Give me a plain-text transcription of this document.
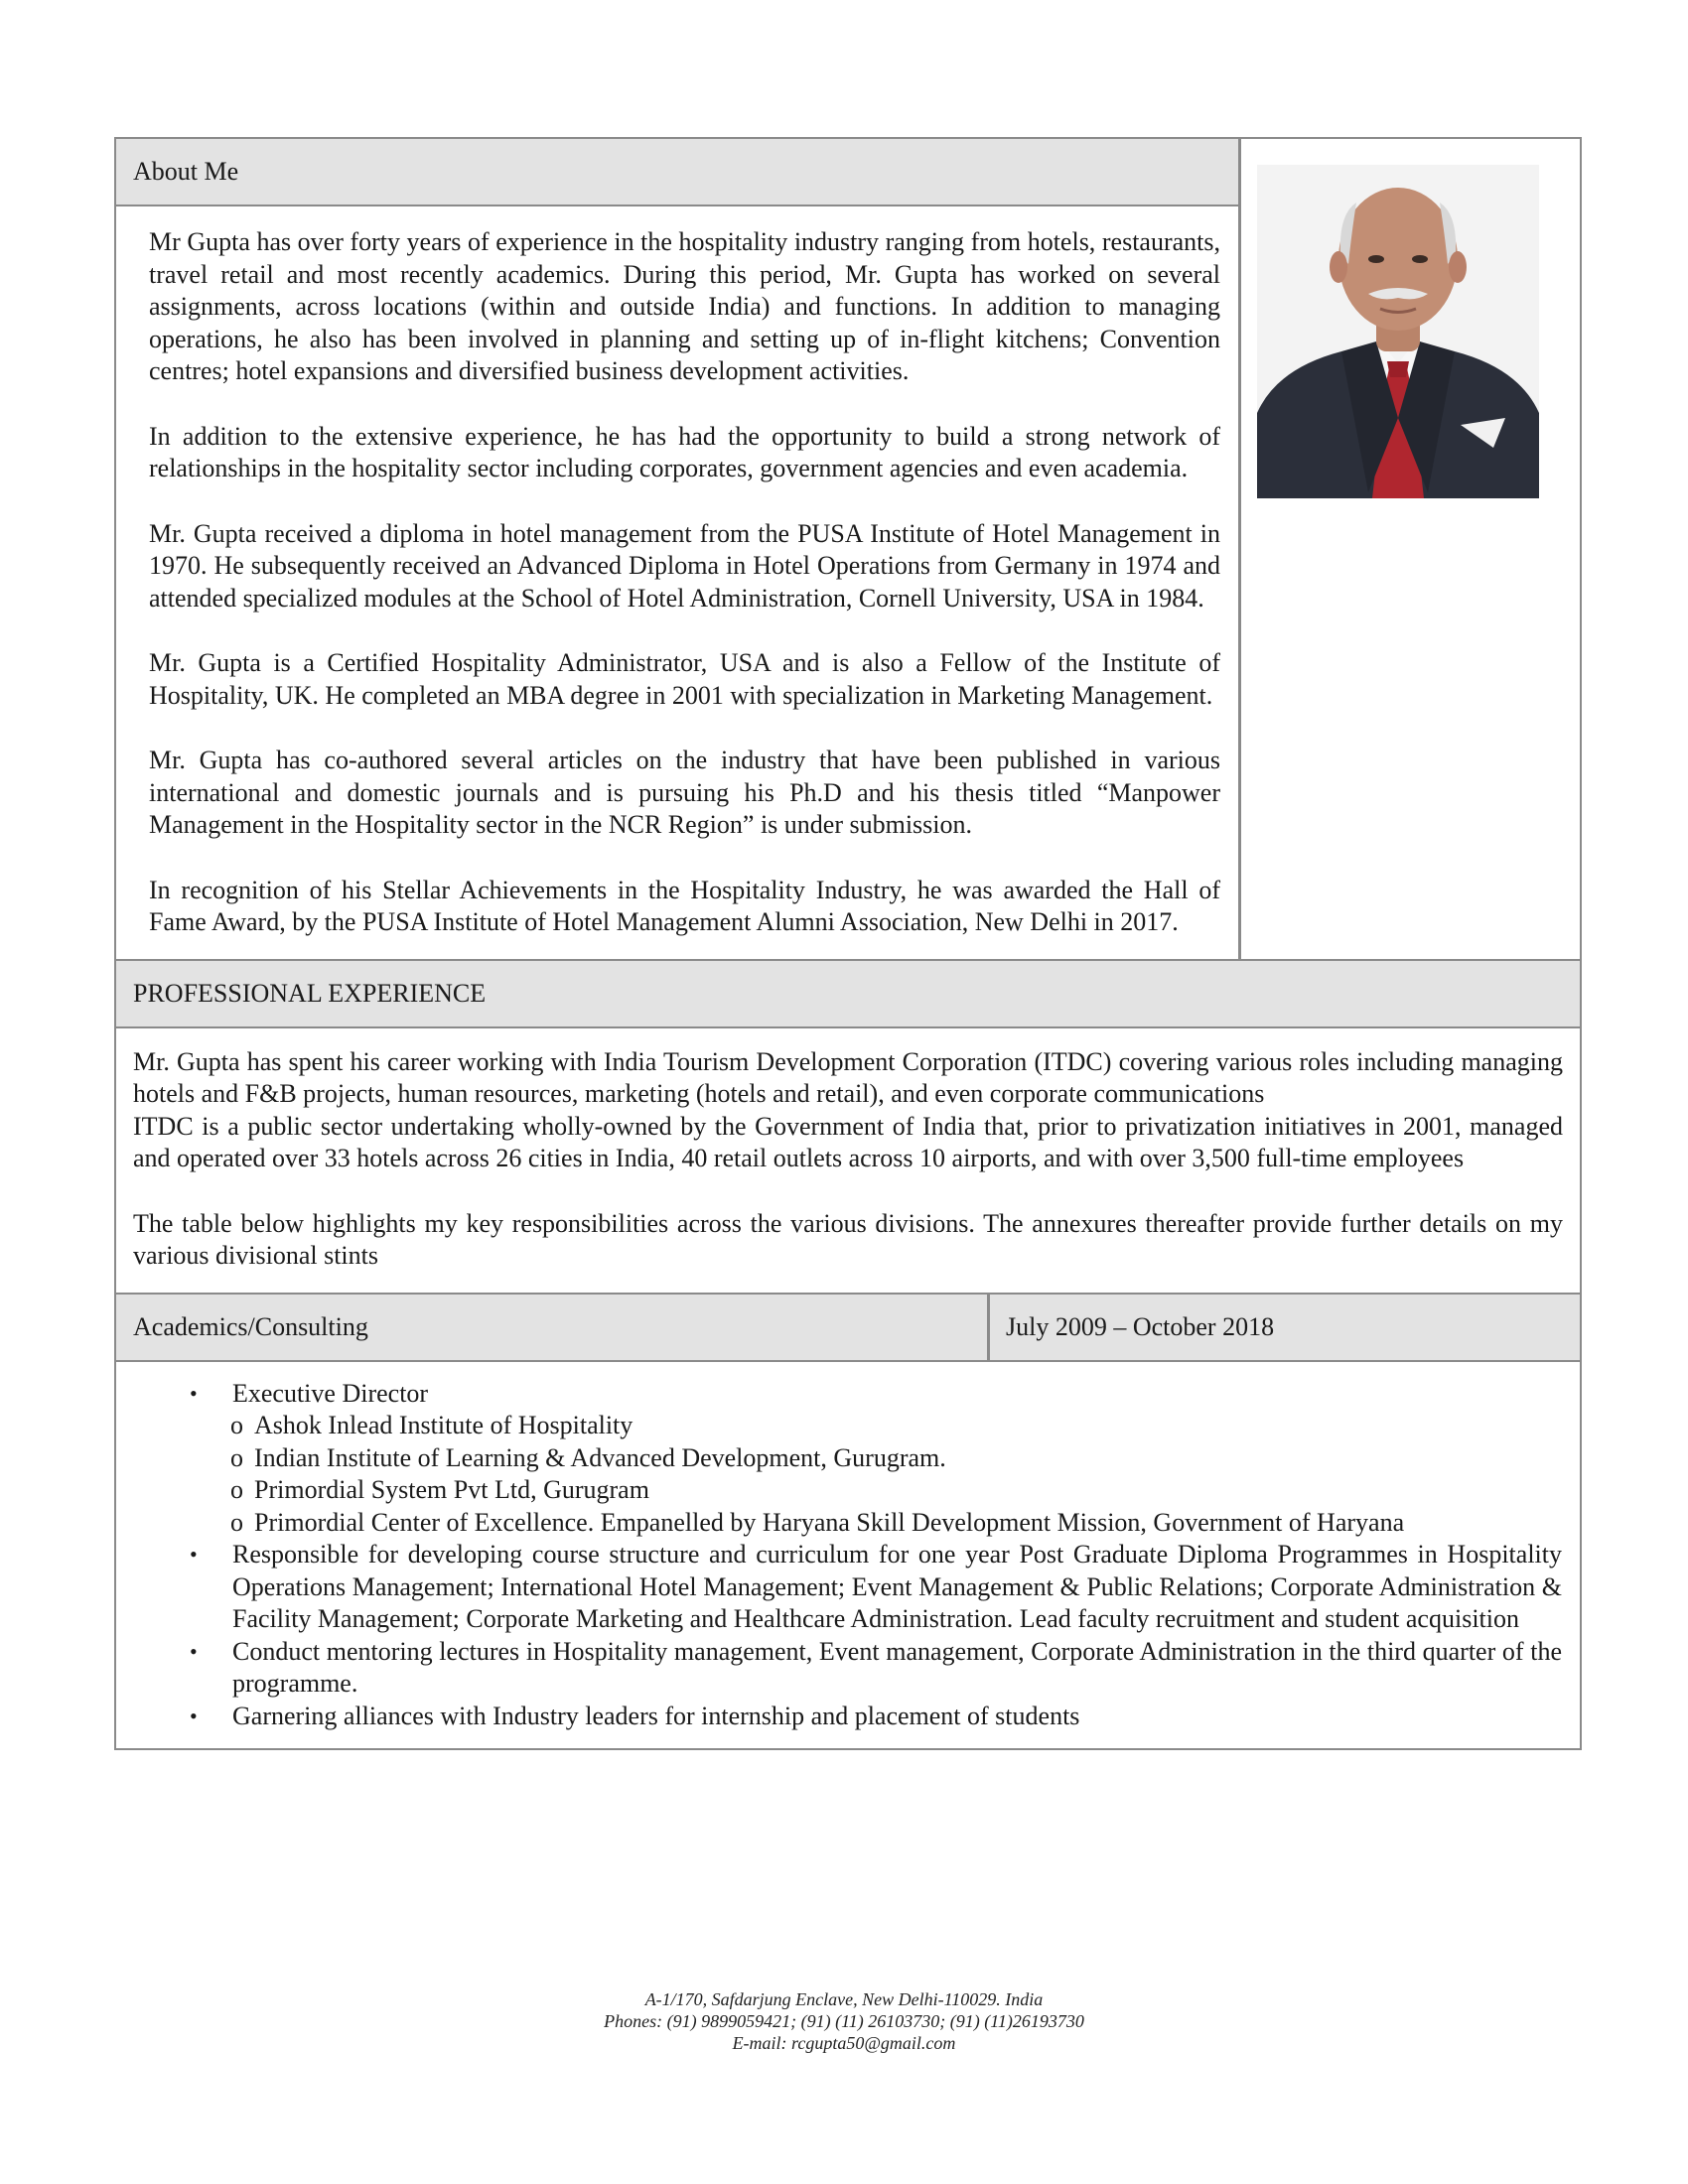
About Me

Mr Gupta has over forty years of experience in the hospitality industry ranging from hotels, restaurants, travel retail and most recently academics. During this period, Mr. Gupta has worked on several assignments, across locations (within and outside India) and functions. In addition to managing operations, he also has been involved in planning and setting up of in-flight kitchens; Convention centres; hotel expansions and diversified business development activities.

In addition to the extensive experience, he has had the opportunity to build a strong network of relationships in the hospitality sector including corporates, government agencies and even academia.

Mr. Gupta received a diploma in hotel management from the PUSA Institute of Hotel Management in 1970. He subsequently received an Advanced Diploma in Hotel Operations from Germany in 1974 and attended specialized modules at the School of Hotel Administration, Cornell University, USA in 1984.

Mr. Gupta is a Certified Hospitality Administrator, USA and is also a Fellow of the Institute of Hospitality, UK. He completed an MBA degree in 2001 with specialization in Marketing Management.

Mr. Gupta has co-authored several articles on the industry that have been published in various international and domestic journals and is pursuing his Ph.D and his thesis titled “Manpower Management in the Hospitality sector in the NCR Region” is under submission.

In recognition of his Stellar Achievements in the Hospitality Industry, he was awarded the Hall of Fame Award, by the PUSA Institute of Hotel Management Alumni Association, New Delhi in 2017.

PROFESSIONAL EXPERIENCE

Mr. Gupta has spent his career working with India Tourism Development Corporation (ITDC) covering various roles including managing hotels and F&B projects, human resources, marketing (hotels and retail), and even corporate communications

ITDC is a public sector undertaking wholly-owned by the Government of India that, prior to privatization initiatives in 2001, managed and operated over 33 hotels across 26 cities in India, 40 retail outlets across 10 airports, and with over 3,500 full-time employees

The table below highlights my key responsibilities across the various divisions. The annexures thereafter provide further details on my various divisional stints

Academics/Consulting	July 2009 – October 2018
• Executive Director
o Ashok Inlead Institute of Hospitality
o Indian Institute of Learning & Advanced Development, Gurugram.
o Primordial System Pvt Ltd, Gurugram
o Primordial Center of Excellence. Empanelled by Haryana Skill Development Mission, Government of Haryana
• Responsible for developing course structure and curriculum for one year Post Graduate Diploma Programmes in Hospitality Operations Management; International Hotel Management; Event Management & Public Relations; Corporate Administration & Facility Management; Corporate Marketing and Healthcare Administration. Lead faculty recruitment and student acquisition
• Conduct mentoring lectures in Hospitality management, Event management, Corporate Administration in the third quarter of the programme.
• Garnering alliances with Industry leaders for internship and placement of students
A-1/170, Safdarjung Enclave, New Delhi-110029. India
Phones: (91) 9899059421; (91) (11) 26103730; (91) (11)26193730
E-mail: rcgupta50@gmail.com
